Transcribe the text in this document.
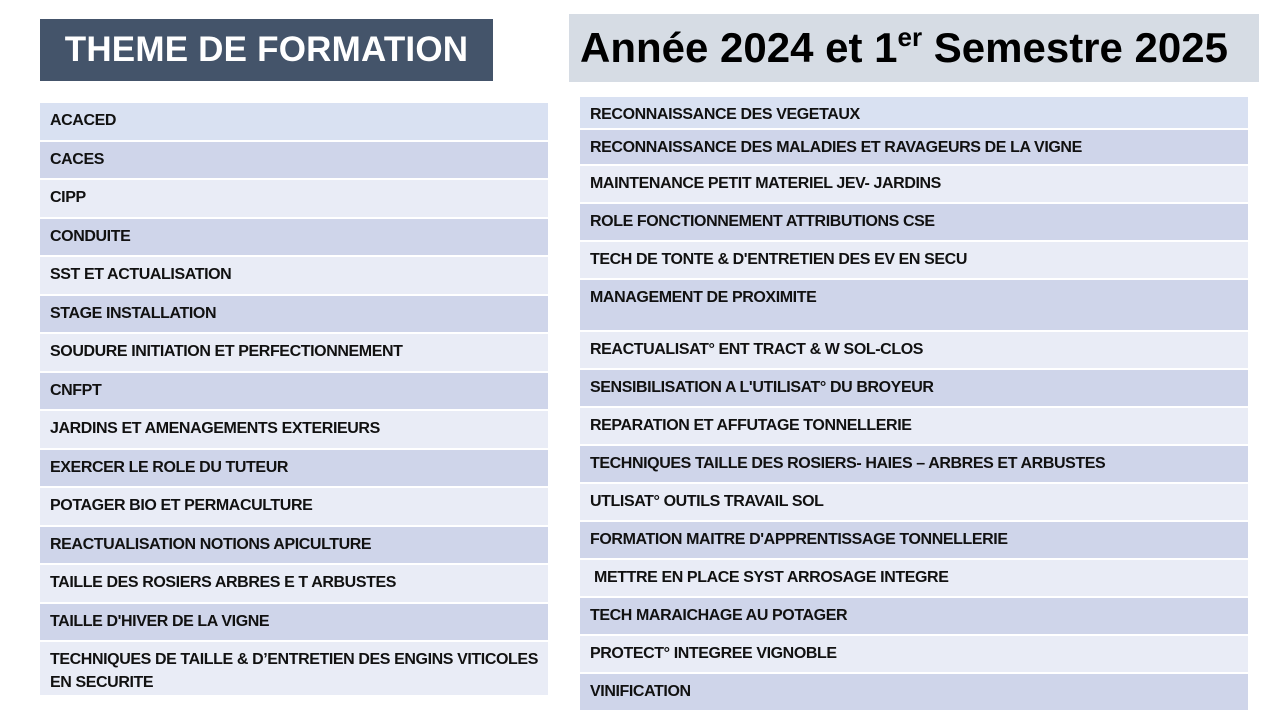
THEME DE FORMATION	Année 2024 et 1er Semestre 2025
ACACED
CACES
CIPP
CONDUITE
SST ET ACTUALISATION
STAGE INSTALLATION
SOUDURE INITIATION ET PERFECTIONNEMENT
CNFPT
JARDINS ET AMENAGEMENTS EXTERIEURS
EXERCER LE ROLE DU TUTEUR
POTAGER BIO ET PERMACULTURE
REACTUALISATION NOTIONS APICULTURE
TAILLE DES ROSIERS ARBRES E T ARBUSTES
TAILLE D'HIVER DE LA VIGNE
TECHNIQUES DE TAILLE & D’ENTRETIEN DES ENGINS VITICOLES EN SECURITE
RECONNAISSANCE DES VEGETAUX
RECONNAISSANCE DES MALADIES ET RAVAGEURS DE LA VIGNE
MAINTENANCE PETIT MATERIEL JEV- JARDINS
ROLE FONCTIONNEMENT ATTRIBUTIONS CSE
TECH DE TONTE & D'ENTRETIEN DES EV EN SECU
MANAGEMENT DE PROXIMITE
REACTUALISAT° ENT TRACT & W SOL-CLOS
SENSIBILISATION A L'UTILISAT° DU BROYEUR
REPARATION ET AFFUTAGE TONNELLERIE
TECHNIQUES TAILLE DES ROSIERS- HAIES – ARBRES ET ARBUSTES
UTLISAT° OUTILS TRAVAIL SOL
FORMATION MAITRE D'APPRENTISSAGE TONNELLERIE
METTRE EN PLACE SYST ARROSAGE INTEGRE
TECH MARAICHAGE AU POTAGER
PROTECT° INTEGREE VIGNOBLE
VINIFICATION
